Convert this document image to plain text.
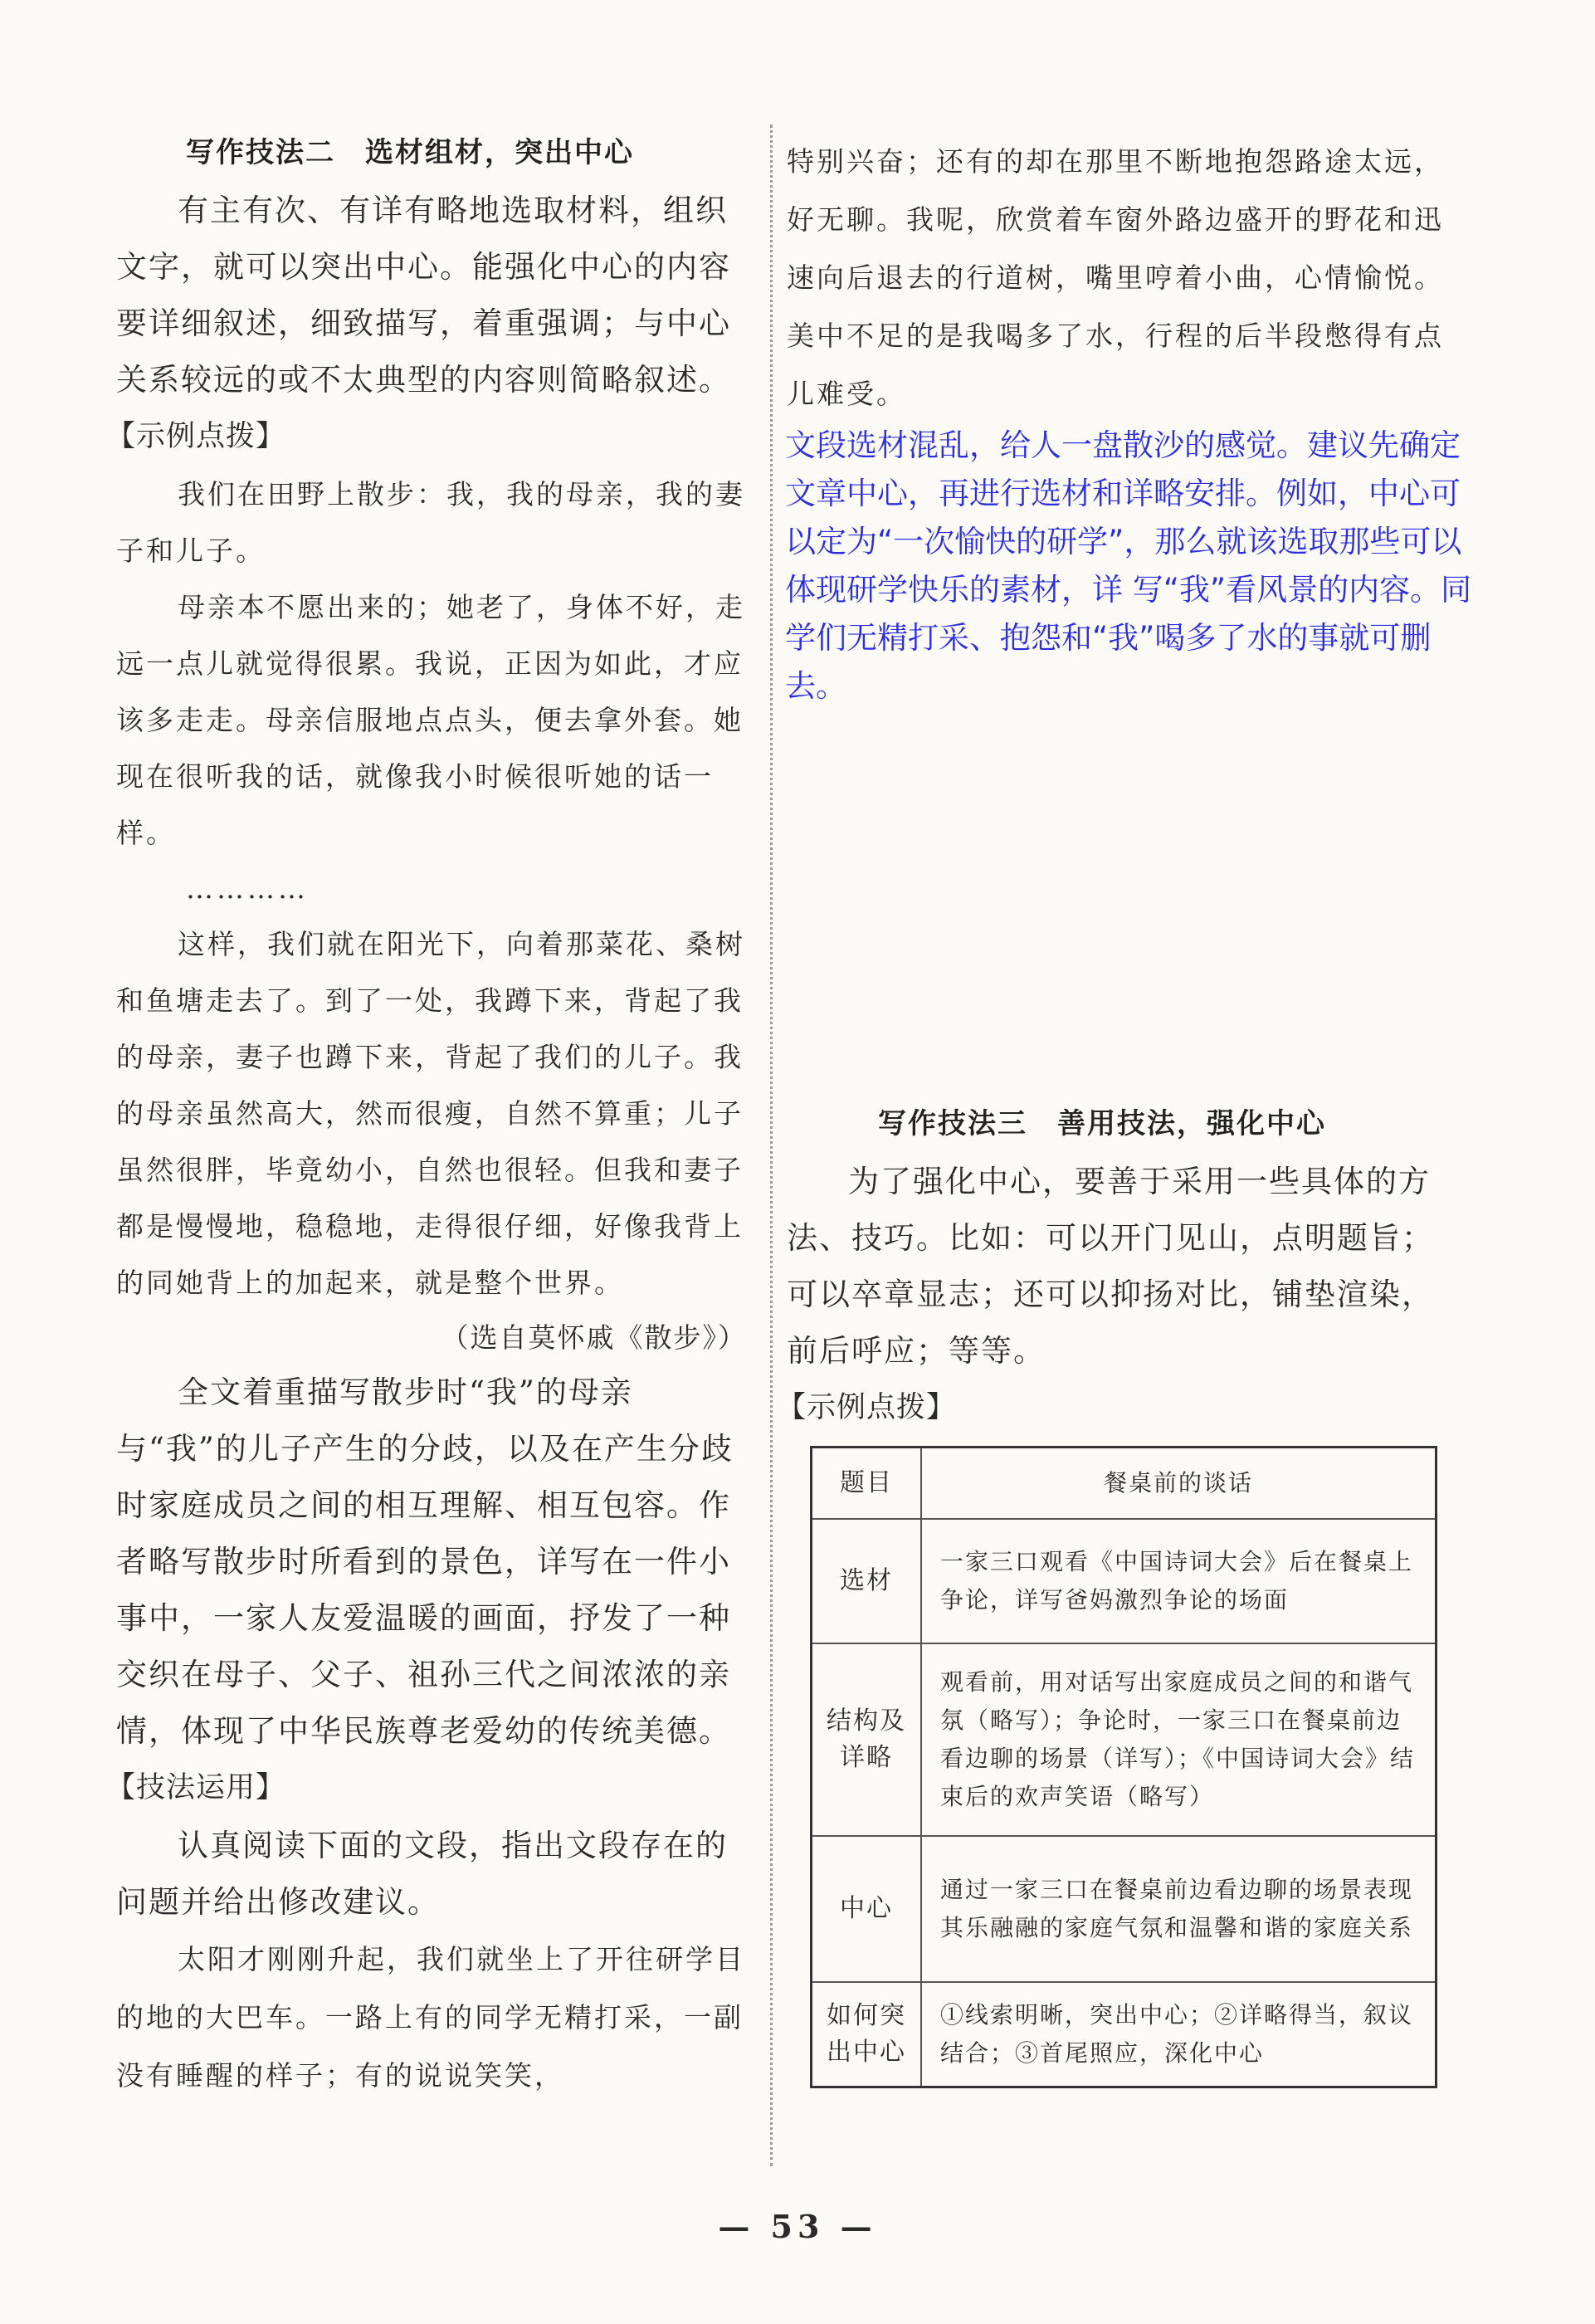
写作技法二　选材组材，突出中心

有主有次、有详有略地选取材料，组织文字，就可以突出中心。能强化中心的内容要详细叙述，细致描写，着重强调；与中心关系较远的或不太典型的内容则简略叙述。

【示例点拨】

我们在田野上散步：我，我的母亲，我的妻子和儿子。

母亲本不愿出来的；她老了，身体不好，走远一点儿就觉得很累。我说，正因为如此，才应该多走走。母亲信服地点点头，便去拿外套。她现在很听我的话，就像我小时候很听她的话一样。

…………

这样，我们就在阳光下，向着那菜花、桑树和鱼塘走去了。到了一处，我蹲下来，背起了我的母亲，妻子也蹲下来，背起了我们的儿子。我的母亲虽然高大，然而很瘦，自然不算重；儿子虽然很胖，毕竟幼小，自然也很轻。但我和妻子都是慢慢地，稳稳地，走得很仔细，好像我背上的同她背上的加起来，就是整个世界。

（选自莫怀戚《散步》）

全文着重描写散步时“我”的母亲与“我”的儿子产生的分歧，以及在产生分歧时家庭成员之间的相互理解、相互包容。作者略写散步时所看到的景色，详写在一件小事中，一家人友爱温暖的画面，抒发了一种交织在母子、父子、祖孙三代之间浓浓的亲情，体现了中华民族尊老爱幼的传统美德。

【技法运用】

认真阅读下面的文段，指出文段存在的问题并给出修改建议。

太阳才刚刚升起，我们就坐上了开往研学目的地的大巴车。一路上有的同学无精打采，一副没有睡醒的样子；有的说说笑笑，

特别兴奋；还有的却在那里不断地抱怨路途太远，好无聊。我呢，欣赏着车窗外路边盛开的野花和迅速向后退去的行道树，嘴里哼着小曲，心情愉悦。美中不足的是我喝多了水，行程的后半段憋得有点儿难受。

文段选材混乱，给人一盘散沙的感觉。建议先确定文章中心，再进行选材和详略安排。例如，中心可以定为“一次愉快的研学”，那么就该选取那些可以体现研学快乐的素材，详 写“我”看风景的内容。同学们无精打采、抱怨和“我”喝多了水的事就可删去。

写作技法三　善用技法，强化中心

为了强化中心，要善于采用一些具体的方法、技巧。比如：可以开门见山，点明题旨；可以卒章显志；还可以抑扬对比，铺垫渲染，前后呼应；等等。

【示例点拨】
题目	餐桌前的谈话
选材	一家三口观看《中国诗词大会》后在餐桌上争论，详写爸妈激烈争论的场面
结构及详略	观看前，用对话写出家庭成员之间的和谐气氛（略写）；争论时，一家三口在餐桌前边看边聊的场景（详写）；《中国诗词大会》结束后的欢声笑语（略写）
中心	通过一家三口在餐桌前边看边聊的场景表现其乐融融的家庭气氛和温馨和谐的家庭关系
如何突出中心	①线索明晰，突出中心；②详略得当，叙议结合；③首尾照应，深化中心
— 53 —
